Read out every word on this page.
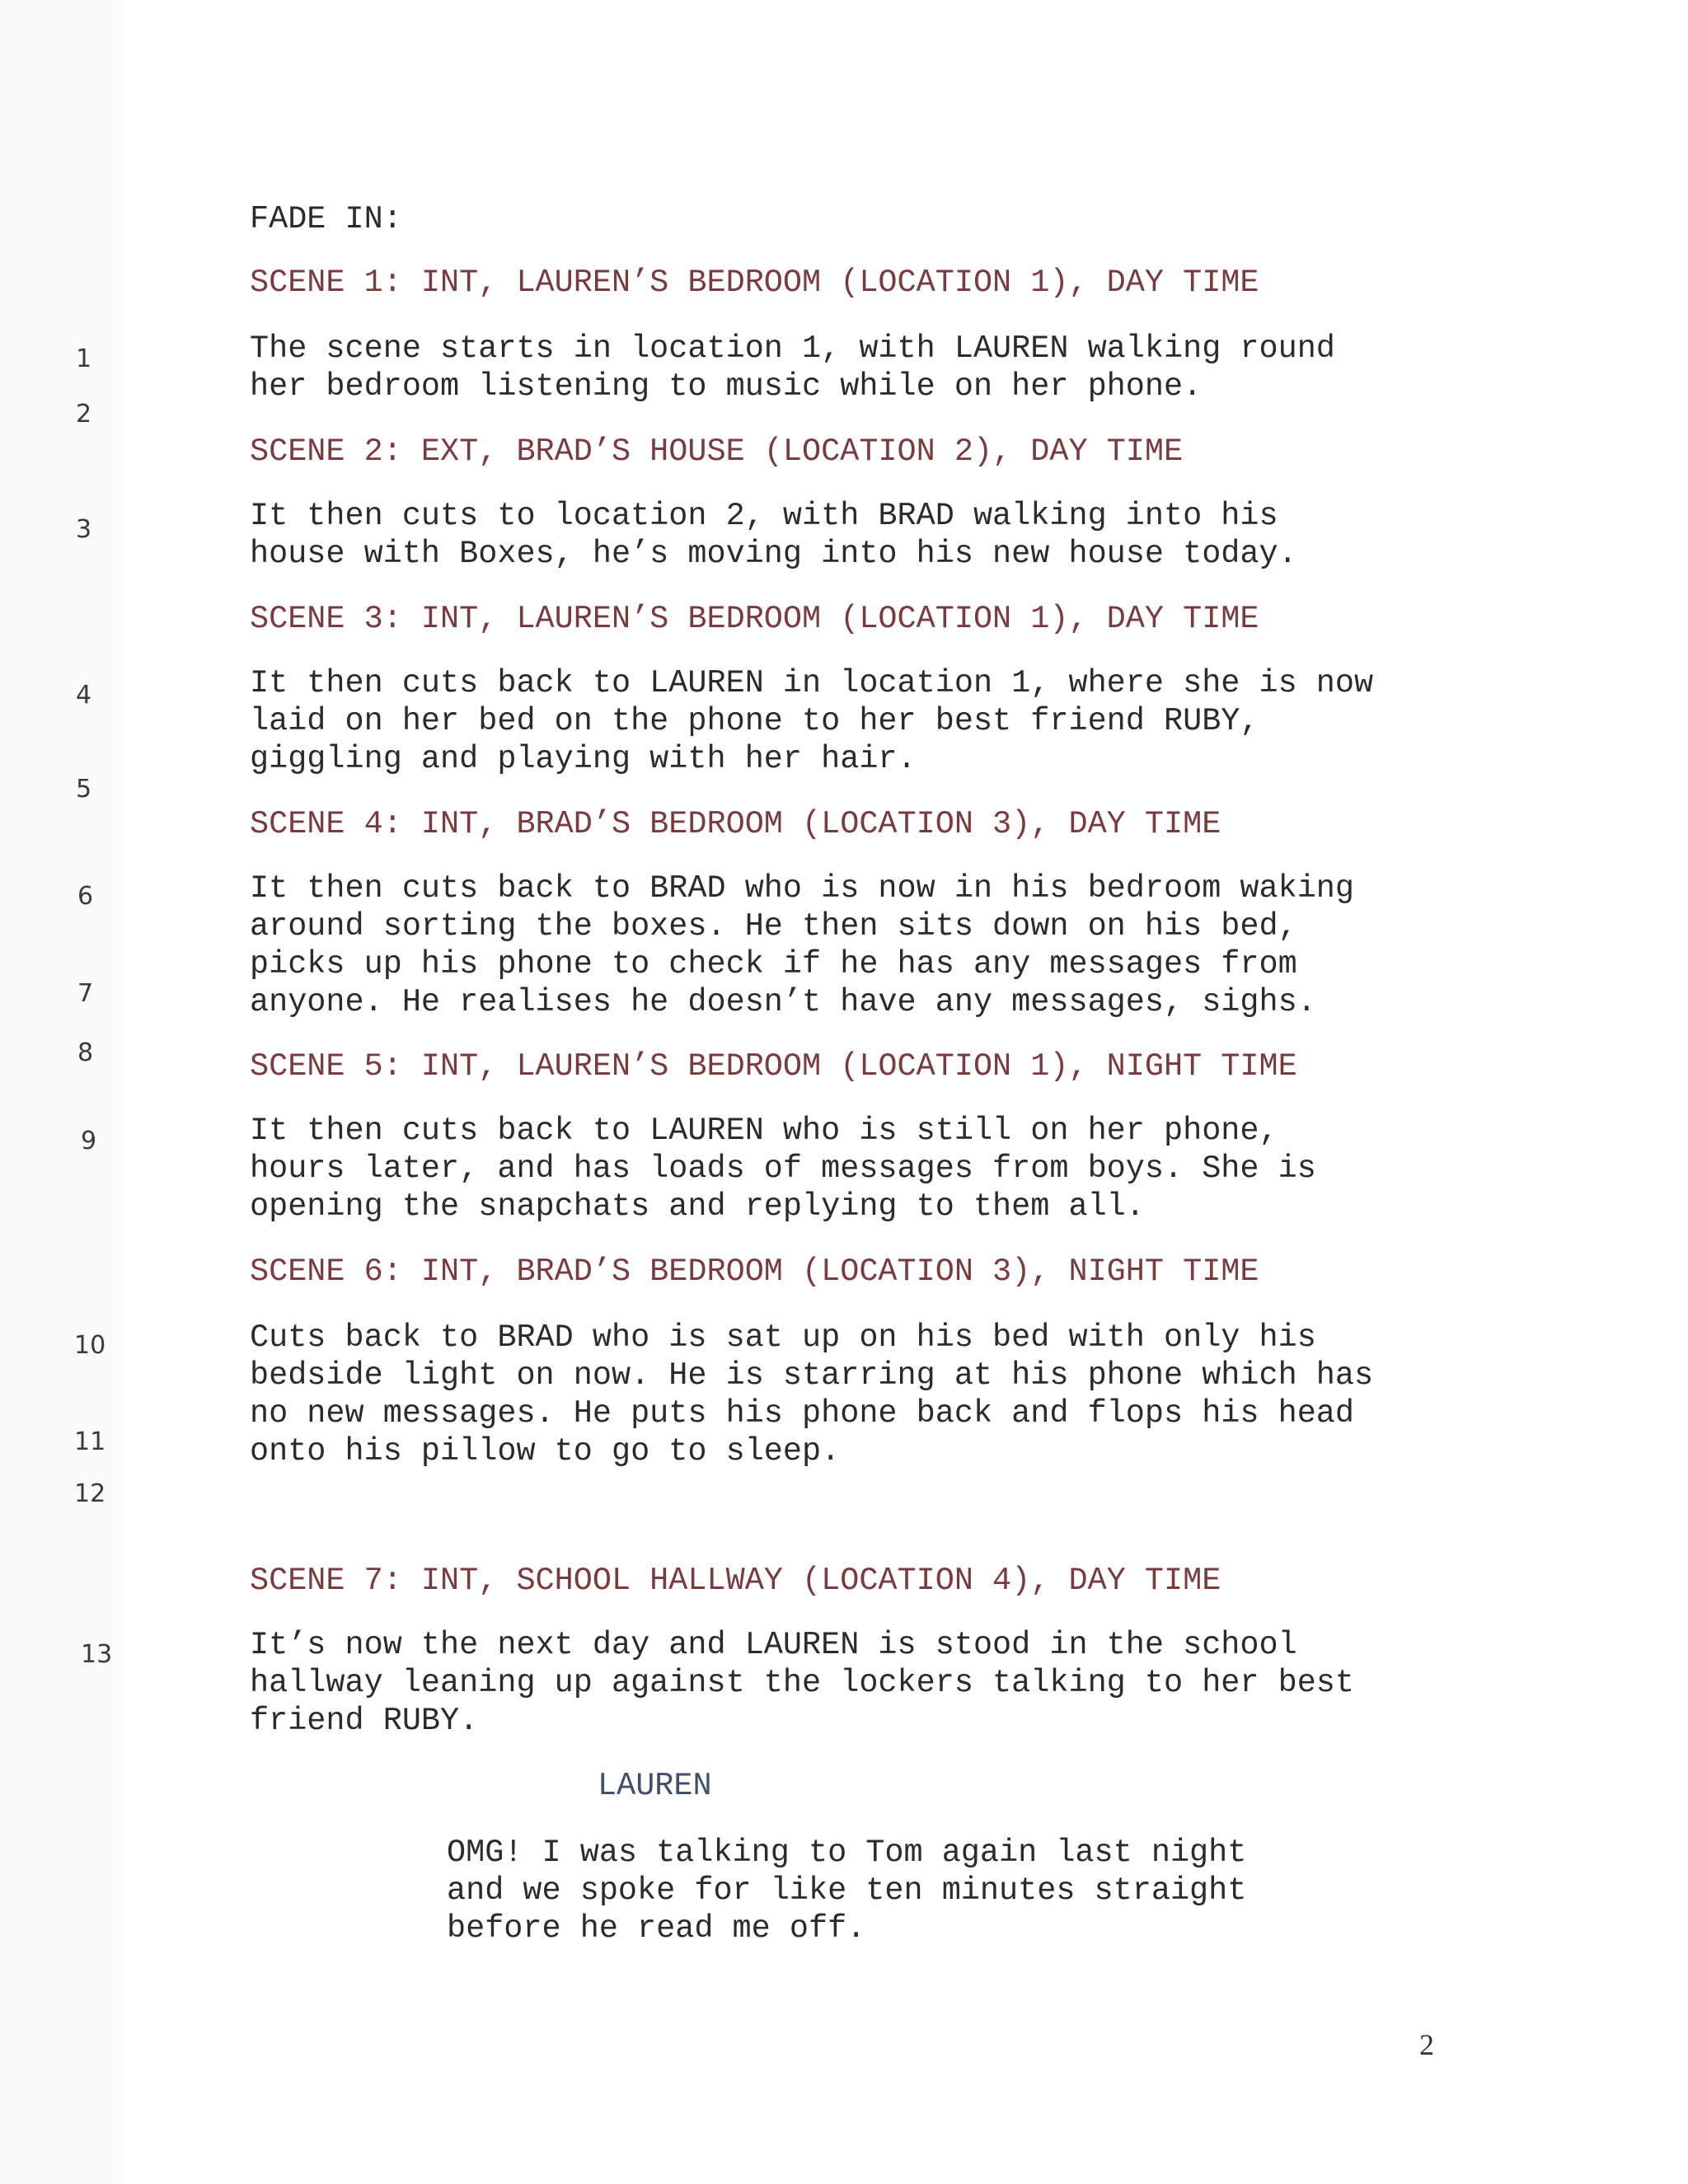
FADE IN:

SCENE 1: INT, LAUREN’S BEDROOM (LOCATION 1), DAY TIME

The scene starts in location 1, with LAUREN walking round
her bedroom listening to music while on her phone.

SCENE 2: EXT, BRAD’S HOUSE (LOCATION 2), DAY TIME

It then cuts to location 2, with BRAD walking into his
house with Boxes, he’s moving into his new house today.

SCENE 3: INT, LAUREN’S BEDROOM (LOCATION 1), DAY TIME

It then cuts back to LAUREN in location 1, where she is now
laid on her bed on the phone to her best friend RUBY,
giggling and playing with her hair.

SCENE 4: INT, BRAD’S BEDROOM (LOCATION 3), DAY TIME

It then cuts back to BRAD who is now in his bedroom waking
around sorting the boxes. He then sits down on his bed,
picks up his phone to check if he has any messages from
anyone. He realises he doesn’t have any messages, sighs.

SCENE 5: INT, LAUREN’S BEDROOM (LOCATION 1), NIGHT TIME

It then cuts back to LAUREN who is still on her phone,
hours later, and has loads of messages from boys. She is
opening the snapchats and replying to them all.

SCENE 6: INT, BRAD’S BEDROOM (LOCATION 3), NIGHT TIME

Cuts back to BRAD who is sat up on his bed with only his
bedside light on now. He is starring at his phone which has
no new messages. He puts his phone back and flops his head
onto his pillow to go to sleep.

SCENE 7: INT, SCHOOL HALLWAY (LOCATION 4), DAY TIME

It’s now the next day and LAUREN is stood in the school
hallway leaning up against the lockers talking to her best
friend RUBY.

LAUREN

OMG! I was talking to Tom again last night
and we spoke for like ten minutes straight
before he read me off.

1

2

3

4

5

6

7

8

9

10

11

12

13

2
